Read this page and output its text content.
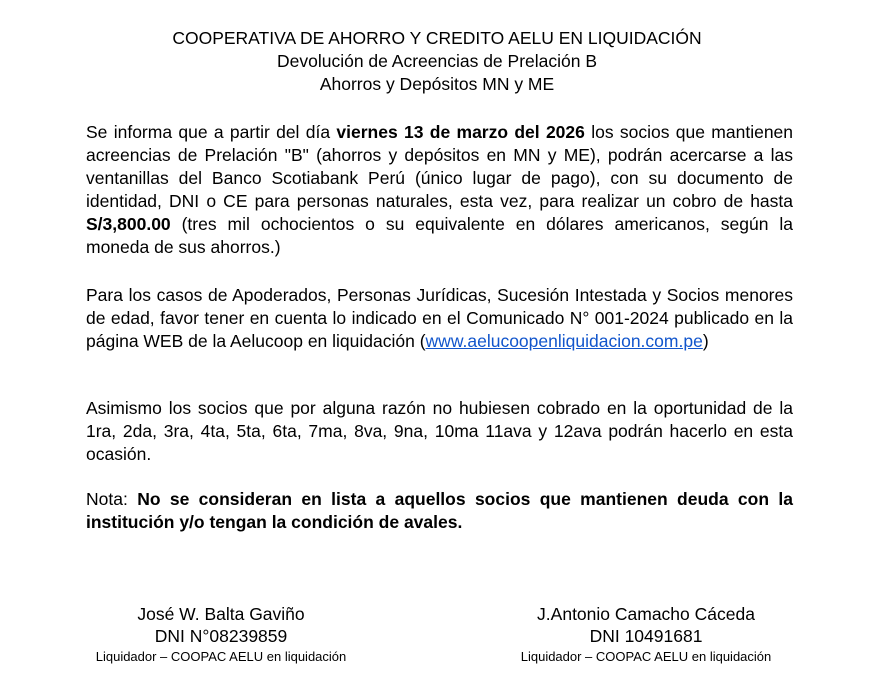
COOPERATIVA DE AHORRO Y CREDITO AELU EN LIQUIDACIÓN
Devolución de Acreencias de Prelación B
Ahorros y Depósitos MN y ME
Se informa que a partir del día viernes 13 de marzo del 2026 los socios que mantienen acreencias de Prelación "B" (ahorros y depósitos en MN y ME), podrán acercarse a las ventanillas del Banco Scotiabank Perú (único lugar de pago), con su documento de identidad, DNI o CE para personas naturales, esta vez, para realizar un cobro de hasta S/3,800.00 (tres mil ochocientos o su equivalente en dólares americanos, según la moneda de sus ahorros.)
Para los casos de Apoderados, Personas Jurídicas, Sucesión Intestada y Socios menores de edad, favor tener en cuenta lo indicado en el Comunicado N° 001-2024 publicado en la página WEB de la Aelucoop en liquidación (www.aelucoopenliquidacion.com.pe)
Asimismo los socios que por alguna razón no hubiesen cobrado en la oportunidad de la 1ra, 2da, 3ra, 4ta, 5ta, 6ta, 7ma, 8va, 9na, 10ma 11ava y 12ava podrán hacerlo en esta ocasión.
Nota: No se consideran en lista a aquellos socios que mantienen deuda con la institución y/o tengan la condición de avales.
José W. Balta Gaviño
DNI N°08239859
Liquidador – COOPAC AELU en liquidación
J.Antonio Camacho Cáceda
DNI 10491681
Liquidador – COOPAC AELU en liquidación
